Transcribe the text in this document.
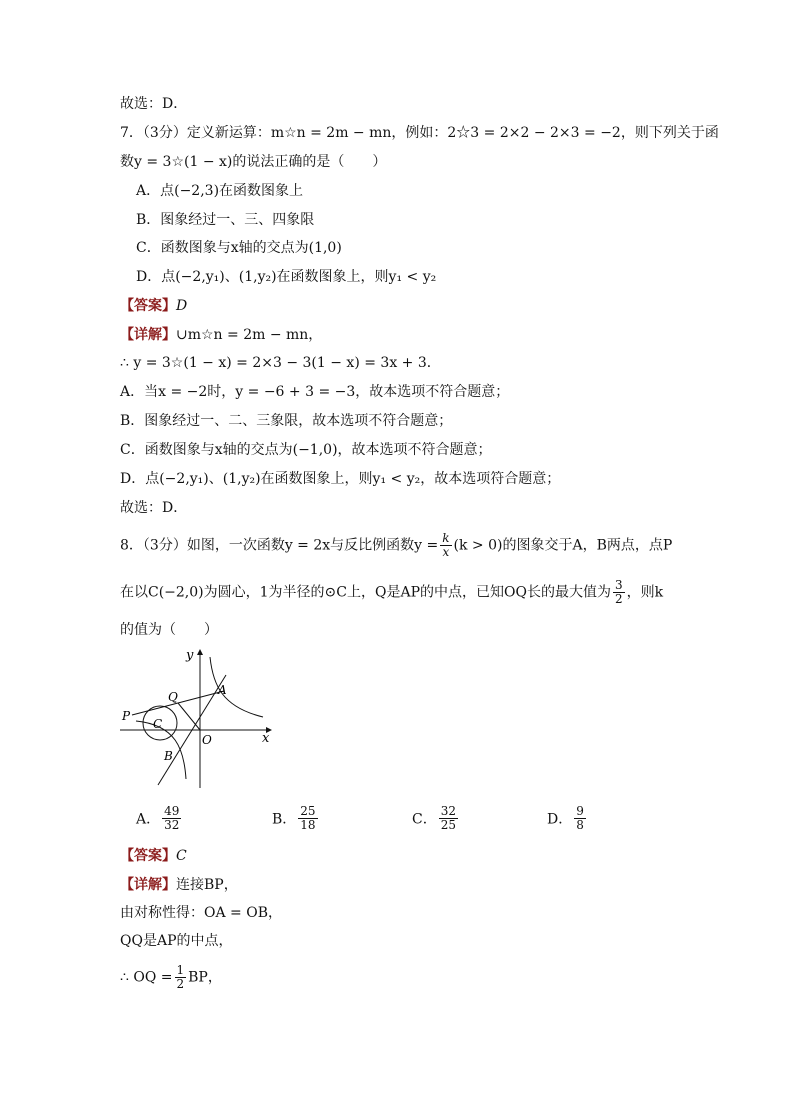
故选：D．
7．（3分）定义新运算：m☆n = 2m − mn，例如：2☆3 = 2×2 − 2×3 = −2，则下列关于函
数y = 3☆(1 − x)的说法正确的是（　　）
A．点(−2,3)在函数图象上
B．图象经过一、三、四象限
C．函数图象与x轴的交点为(1,0)
D．点(−2,y₁)、(1,y₂)在函数图象上，则y₁ < y₂
【答案】D
【详解】∪m☆n = 2m − mn，
∴ y = 3☆(1 − x) = 2×3 − 3(1 − x) = 3x + 3．
A．当x = −2时，y = −6 + 3 = −3，故本选项不符合题意；
B．图象经过一、二、三象限，故本选项不符合题意；
C．函数图象与x轴的交点为(−1,0)，故本选项不符合题意；
D．点(−2,y₁)、(1,y₂)在函数图象上，则y₁ < y₂，故本选项符合题意；
故选：D．
8．（3分）如图，一次函数y = 2x与反比例函数$y = \frac{k}{x} (k > 0)$的图象交于A，B两点，点P
在以C(−2,0)为圆心，1为半径的⊙C上，Q是AP的中点，已知OQ长的最大值为 $\frac{3}{2}$ ，则k
的值为（　　）
y
x
O
A
B
C
P
Q
A． $\frac{49}{32}$	B． $\frac{25}{18}$	C． $\frac{32}{25}$	D． $\frac{9}{8}$
【答案】C
【详解】连接BP，
由对称性得：OA = OB，
QQ是AP的中点，
∴ OQ = $\frac{1}{2}$ BP，
